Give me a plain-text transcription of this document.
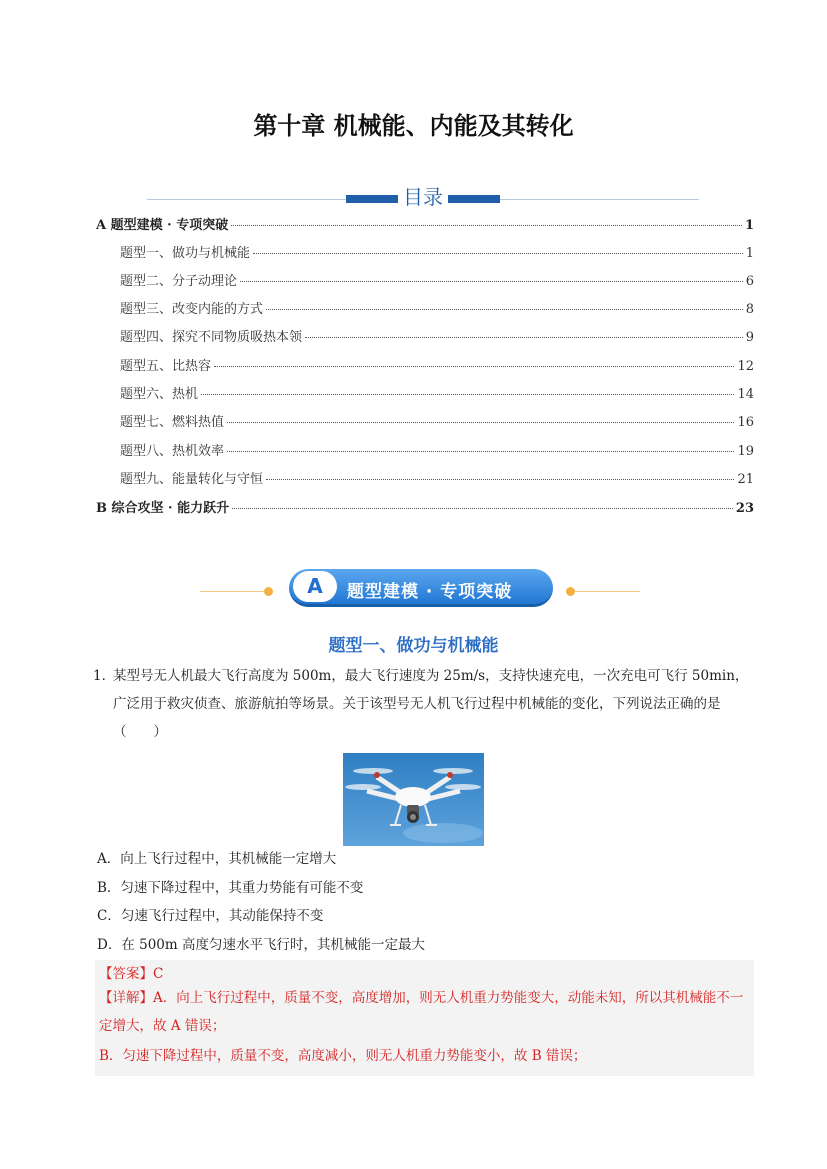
第十章 机械能、内能及其转化
目录
A 题型建模 · 专项突破	1
题型一、做功与机械能	1
题型二、分子动理论	6
题型三、改变内能的方式	8
题型四、探究不同物质吸热本领	9
题型五、比热容	12
题型六、热机	14
题型七、燃料热值	16
题型八、热机效率	19
题型九、能量转化与守恒	21
B 综合攻坚 · 能力跃升	23
A	题型建模 · 专项突破
题型一、做功与机械能
1．
某型号无人机最大飞行高度为 500m，最大飞行速度为 25m/s，支持快速充电，一次充电可飞行 50min，广泛用于救灾侦查、旅游航拍等场景。关于该型号无人机飞行过程中机械能的变化，下列说法正确的是（　　）
A．向上飞行过程中，其机械能一定增大
B．匀速下降过程中，其重力势能有可能不变
C．匀速飞行过程中，其动能保持不变
D．在 500m 高度匀速水平飞行时，其机械能一定最大
【答案】C
【详解】A．向上飞行过程中，质量不变，高度增加，则无人机重力势能变大，动能未知，所以其机械能不一定增大，故 A 错误；
B．匀速下降过程中，质量不变，高度减小，则无人机重力势能变小，故 B 错误；
